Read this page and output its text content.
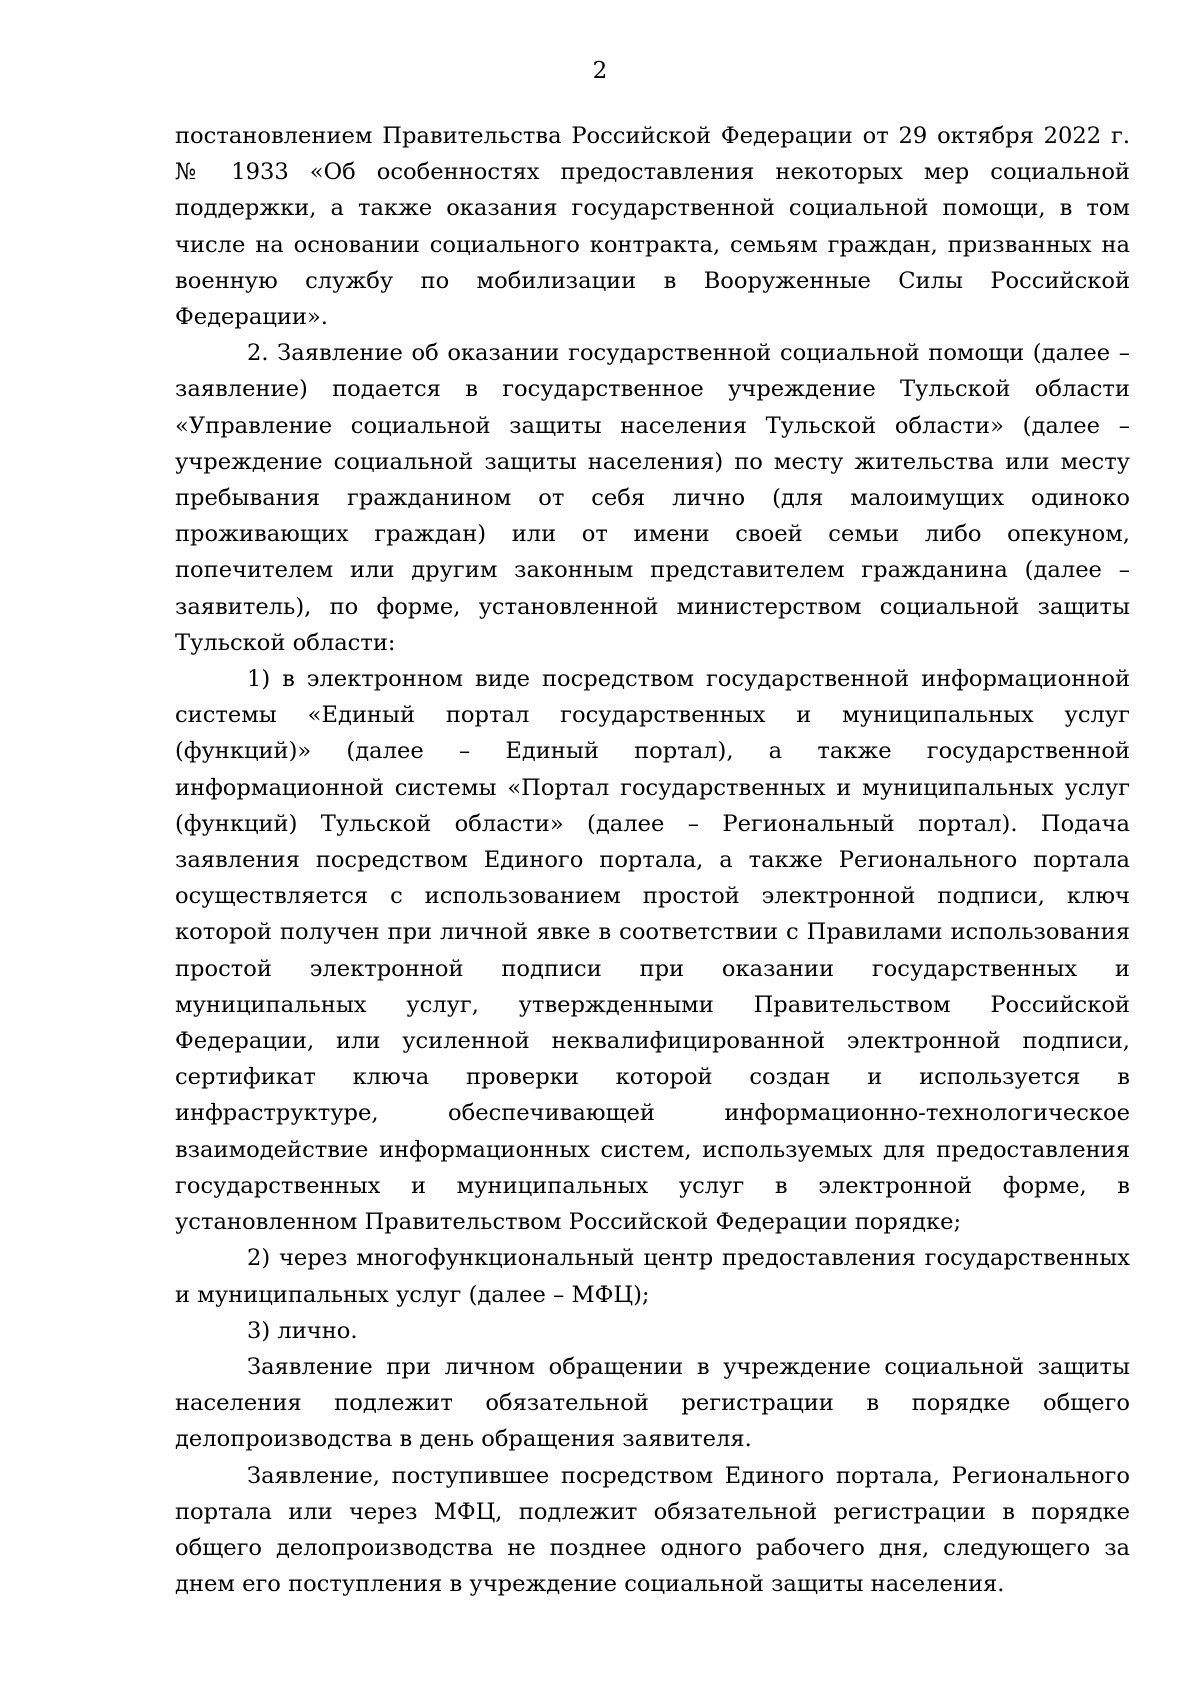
2

постановлением Правительства Российской Федерации от 29 октября 2022 г. № 1933 «Об особенностях предоставления некоторых мер социальной поддержки, а также оказания государственной социальной помощи, в том числе на основании социального контракта, семьям граждан, призванных на военную службу по мобилизации в Вооруженные Силы Российской Федерации».

2. Заявление об оказании государственной социальной помощи (далее – заявление) подается в государственное учреждение Тульской области «Управление социальной защиты населения Тульской области» (далее – учреждение социальной защиты населения) по месту жительства или месту пребывания гражданином от себя лично (для малоимущих одиноко проживающих граждан) или от имени своей семьи либо опекуном, попечителем или другим законным представителем гражданина (далее – заявитель), по форме, установленной министерством социальной защиты Тульской области:

1) в электронном виде посредством государственной информационной системы «Единый портал государственных и муниципальных услуг (функций)» (далее – Единый портал), а также государственной информационной системы «Портал государственных и муниципальных услуг (функций) Тульской области» (далее – Региональный портал). Подача заявления посредством Единого портала, а также Регионального портала осуществляется с использованием простой электронной подписи, ключ которой получен при личной явке в соответствии с Правилами использования простой электронной подписи при оказании государственных и муниципальных услуг, утвержденными Правительством Российской Федерации, или усиленной неквалифицированной электронной подписи, сертификат ключа проверки которой создан и используется в инфраструктуре, обеспечивающей информационно-технологическое взаимодействие информационных систем, используемых для предоставления государственных и муниципальных услуг в электронной форме, в установленном Правительством Российской Федерации порядке;

2) через многофункциональный центр предоставления государственных и муниципальных услуг (далее – МФЦ);

3) лично.

Заявление при личном обращении в учреждение социальной защиты населения подлежит обязательной регистрации в порядке общего делопроизводства в день обращения заявителя.

Заявление, поступившее посредством Единого портала, Регионального портала или через МФЦ, подлежит обязательной регистрации в порядке общего делопроизводства не позднее одного рабочего дня, следующего за днем его поступления в учреждение социальной защиты населения.
